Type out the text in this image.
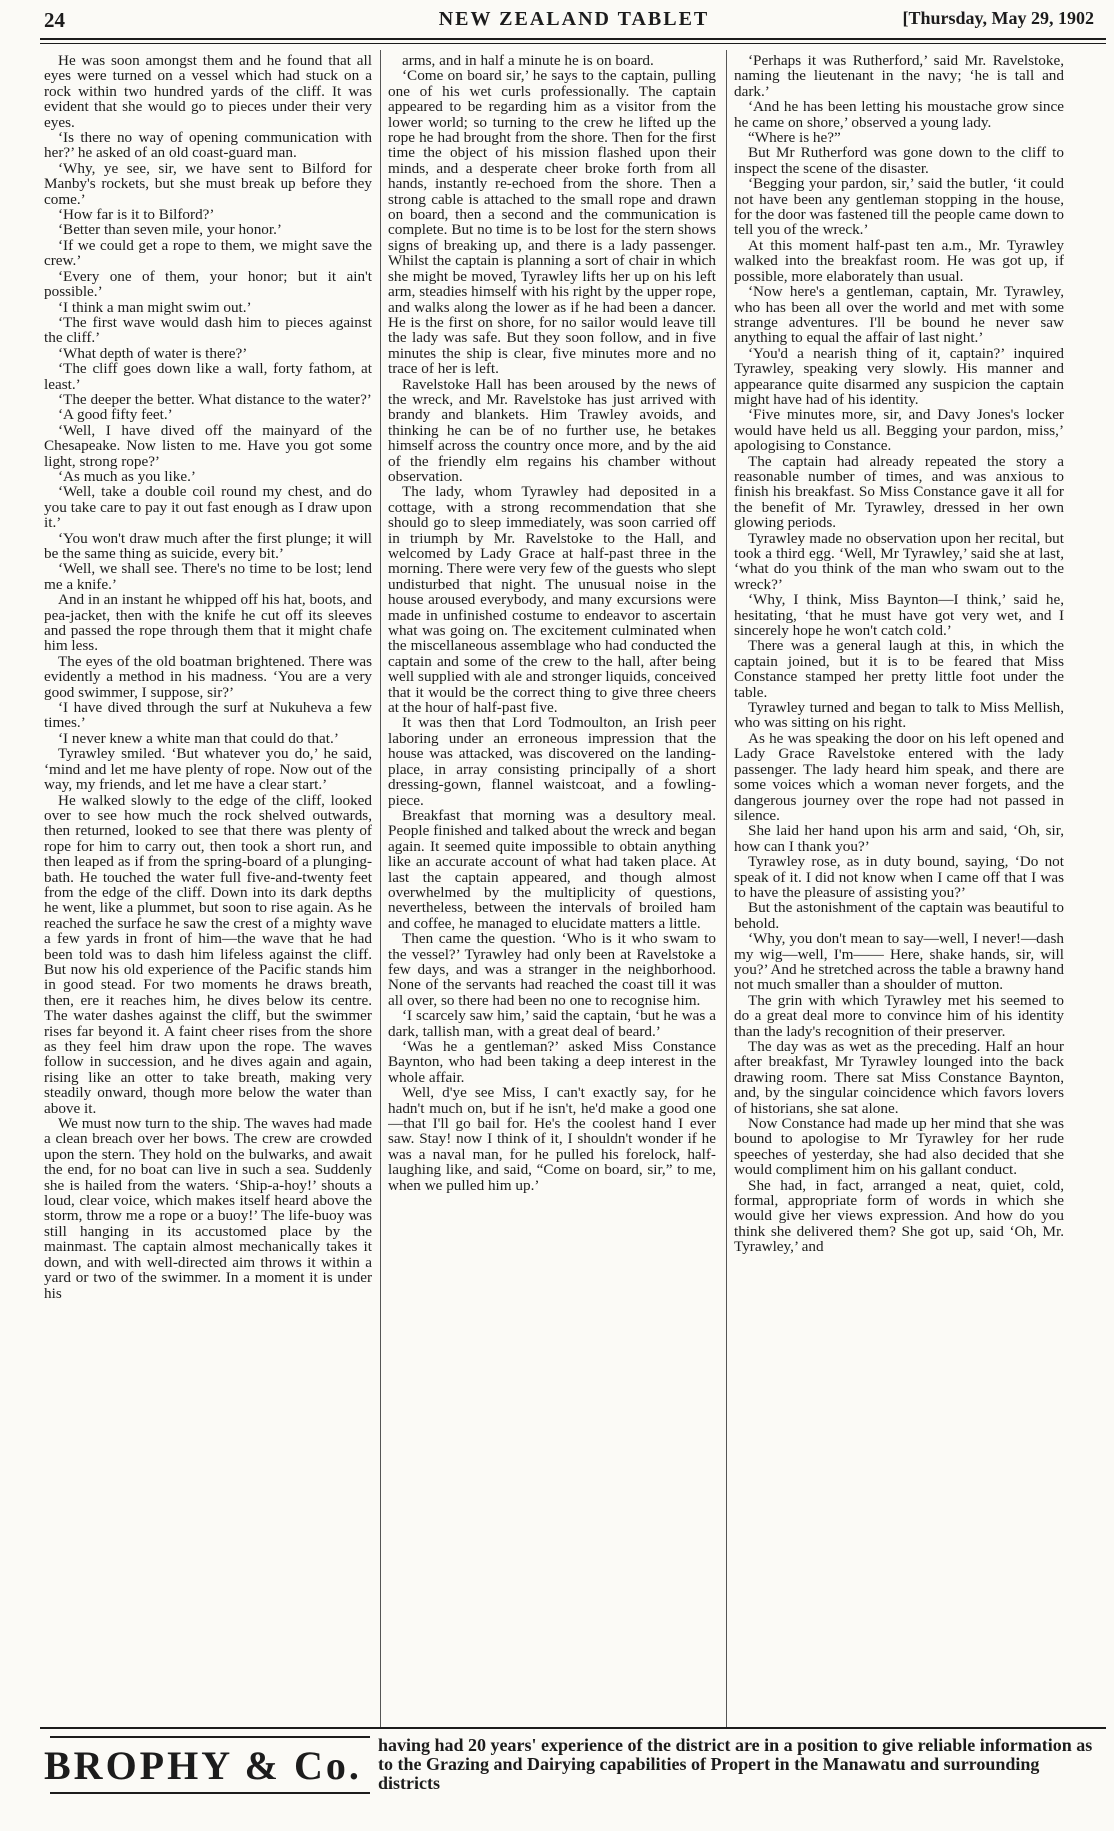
24	NEW ZEALAND TABLET	[Thursday, May 29, 1902

He was soon amongst them and he found that all eyes were turned on a vessel which had stuck on a rock within two hundred yards of the cliff. It was evident that she would go to pieces under their very eyes.

‘Is there no way of opening communication with her?’ he asked of an old coast-guard man.

‘Why, ye see, sir, we have sent to Bilford for Manby's rockets, but she must break up before they come.’

‘How far is it to Bilford?’

‘Better than seven mile, your honor.’

‘If we could get a rope to them, we might save the crew.’

‘Every one of them, your honor; but it ain't possible.’

‘I think a man might swim out.’

‘The first wave would dash him to pieces against the cliff.’

‘What depth of water is there?’

‘The cliff goes down like a wall, forty fathom, at least.’

‘The deeper the better. What distance to the water?’

‘A good fifty feet.’

‘Well, I have dived off the mainyard of the Chesapeake. Now listen to me. Have you got some light, strong rope?’

‘As much as you like.’

‘Well, take a double coil round my chest, and do you take care to pay it out fast enough as I draw upon it.’

‘You won't draw much after the first plunge; it will be the same thing as suicide, every bit.’

‘Well, we shall see. There's no time to be lost; lend me a knife.’

And in an instant he whipped off his hat, boots, and pea-jacket, then with the knife he cut off its sleeves and passed the rope through them that it might chafe him less.

The eyes of the old boatman brightened. There was evidently a method in his madness. ‘You are a very good swimmer, I suppose, sir?’

‘I have dived through the surf at Nukuheva a few times.’

‘I never knew a white man that could do that.’

Tyrawley smiled. ‘But whatever you do,’ he said, ‘mind and let me have plenty of rope. Now out of the way, my friends, and let me have a clear start.’

He walked slowly to the edge of the cliff, looked over to see how much the rock shelved outwards, then returned, looked to see that there was plenty of rope for him to carry out, then took a short run, and then leaped as if from the spring-board of a plunging-bath. He touched the water full five-and-twenty feet from the edge of the cliff. Down into its dark depths he went, like a plummet, but soon to rise again. As he reached the surface he saw the crest of a mighty wave a few yards in front of him—the wave that he had been told was to dash him lifeless against the cliff. But now his old experience of the Pacific stands him in good stead. For two moments he draws breath, then, ere it reaches him, he dives below its centre. The water dashes against the cliff, but the swimmer rises far beyond it. A faint cheer rises from the shore as they feel him draw upon the rope. The waves follow in succession, and he dives again and again, rising like an otter to take breath, making very steadily onward, though more below the water than above it.

We must now turn to the ship. The waves had made a clean breach over her bows. The crew are crowded upon the stern. They hold on the bulwarks, and await the end, for no boat can live in such a sea. Suddenly she is hailed from the waters. ‘Ship-a-hoy!’ shouts a loud, clear voice, which makes itself heard above the storm, throw me a rope or a buoy!’ The life-buoy was still hanging in its accustomed place by the mainmast. The captain almost mechanically takes it down, and with well-directed aim throws it within a yard or two of the swimmer. In a moment it is under his

arms, and in half a minute he is on board.

‘Come on board sir,’ he says to the captain, pulling one of his wet curls professionally. The captain appeared to be regarding him as a visitor from the lower world; so turning to the crew he lifted up the rope he had brought from the shore. Then for the first time the object of his mission flashed upon their minds, and a desperate cheer broke forth from all hands, instantly re-echoed from the shore. Then a strong cable is attached to the small rope and drawn on board, then a second and the communication is complete. But no time is to be lost for the stern shows signs of breaking up, and there is a lady passenger. Whilst the captain is planning a sort of chair in which she might be moved, Tyrawley lifts her up on his left arm, steadies himself with his right by the upper rope, and walks along the lower as if he had been a dancer. He is the first on shore, for no sailor would leave till the lady was safe. But they soon follow, and in five minutes the ship is clear, five minutes more and no trace of her is left.

Ravelstoke Hall has been aroused by the news of the wreck, and Mr. Ravelstoke has just arrived with brandy and blankets. Him Trawley avoids, and thinking he can be of no further use, he betakes himself across the country once more, and by the aid of the friendly elm regains his chamber without observation.

The lady, whom Tyrawley had deposited in a cottage, with a strong recommendation that she should go to sleep immediately, was soon carried off in triumph by Mr. Ravelstoke to the Hall, and welcomed by Lady Grace at half-past three in the morning. There were very few of the guests who slept undisturbed that night. The unusual noise in the house aroused everybody, and many excursions were made in unfinished costume to endeavor to ascertain what was going on. The excitement culminated when the miscellaneous assemblage who had conducted the captain and some of the crew to the hall, after being well supplied with ale and stronger liquids, conceived that it would be the correct thing to give three cheers at the hour of half-past five.

It was then that Lord Todmoulton, an Irish peer laboring under an erroneous impression that the house was attacked, was discovered on the landing-place, in array consisting principally of a short dressing-gown, flannel waistcoat, and a fowling-piece.

Breakfast that morning was a desultory meal. People finished and talked about the wreck and began again. It seemed quite impossible to obtain anything like an accurate account of what had taken place. At last the captain appeared, and though almost overwhelmed by the multiplicity of questions, nevertheless, between the intervals of broiled ham and coffee, he managed to elucidate matters a little.

Then came the question. ‘Who is it who swam to the vessel?’ Tyrawley had only been at Ravelstoke a few days, and was a stranger in the neighborhood. None of the servants had reached the coast till it was all over, so there had been no one to recognise him.

‘I scarcely saw him,’ said the captain, ‘but he was a dark, tallish man, with a great deal of beard.’

‘Was he a gentleman?’ asked Miss Constance Baynton, who had been taking a deep interest in the whole affair.

Well, d'ye see Miss, I can't exactly say, for he hadn't much on, but if he isn't, he'd make a good one—that I'll go bail for. He's the coolest hand I ever saw. Stay! now I think of it, I shouldn't wonder if he was a naval man, for he pulled his forelock, half-laughing like, and said, “Come on board, sir,” to me, when we pulled him up.’

‘Perhaps it was Rutherford,’ said Mr. Ravelstoke, naming the lieutenant in the navy; ‘he is tall and dark.’

‘And he has been letting his moustache grow since he came on shore,’ observed a young lady.

“Where is he?”

But Mr Rutherford was gone down to the cliff to inspect the scene of the disaster.

‘Begging your pardon, sir,’ said the butler, ‘it could not have been any gentleman stopping in the house, for the door was fastened till the people came down to tell you of the wreck.’

At this moment half-past ten a.m., Mr. Tyrawley walked into the breakfast room. He was got up, if possible, more elaborately than usual.

‘Now here's a gentleman, captain, Mr. Tyrawley, who has been all over the world and met with some strange adventures. I'll be bound he never saw anything to equal the affair of last night.’

‘You'd a nearish thing of it, captain?’ inquired Tyrawley, speaking very slowly. His manner and appearance quite disarmed any suspicion the captain might have had of his identity.

‘Five minutes more, sir, and Davy Jones's locker would have held us all. Begging your pardon, miss,’ apologising to Constance.

The captain had already repeated the story a reasonable number of times, and was anxious to finish his breakfast. So Miss Constance gave it all for the benefit of Mr. Tyrawley, dressed in her own glowing periods.

Tyrawley made no observation upon her recital, but took a third egg. ‘Well, Mr Tyrawley,’ said she at last, ‘what do you think of the man who swam out to the wreck?’

‘Why, I think, Miss Baynton—I think,’ said he, hesitating, ‘that he must have got very wet, and I sincerely hope he won't catch cold.’

There was a general laugh at this, in which the captain joined, but it is to be feared that Miss Constance stamped her pretty little foot under the table.

Tyrawley turned and began to talk to Miss Mellish, who was sitting on his right.

As he was speaking the door on his left opened and Lady Grace Ravelstoke entered with the lady passenger. The lady heard him speak, and there are some voices which a woman never forgets, and the dangerous journey over the rope had not passed in silence.

She laid her hand upon his arm and said, ‘Oh, sir, how can I thank you?’

Tyrawley rose, as in duty bound, saying, ‘Do not speak of it. I did not know when I came off that I was to have the pleasure of assisting you?’

But the astonishment of the captain was beautiful to behold.

‘Why, you don't mean to say—well, I never!—dash my wig—well, I'm—— Here, shake hands, sir, will you?’ And he stretched across the table a brawny hand not much smaller than a shoulder of mutton.

The grin with which Tyrawley met his seemed to do a great deal more to convince him of his identity than the lady's recognition of their preserver.

The day was as wet as the preceding. Half an hour after breakfast, Mr Tyrawley lounged into the back drawing room. There sat Miss Constance Baynton, and, by the singular coincidence which favors lovers of historians, she sat alone.

Now Constance had made up her mind that she was bound to apologise to Mr Tyrawley for her rude speeches of yesterday, she had also decided that she would compliment him on his gallant conduct.

She had, in fact, arranged a neat, quiet, cold, formal, appropriate form of words in which she would give her views expression. And how do you think she delivered them? She got up, said ‘Oh, Mr. Tyrawley,’ and

BROPHY & Co. having had 20 years' experience of the district are in a position to give reliable information as to the Grazing and Dairying capabilities of Propert in the Manawatu and surrounding districts
